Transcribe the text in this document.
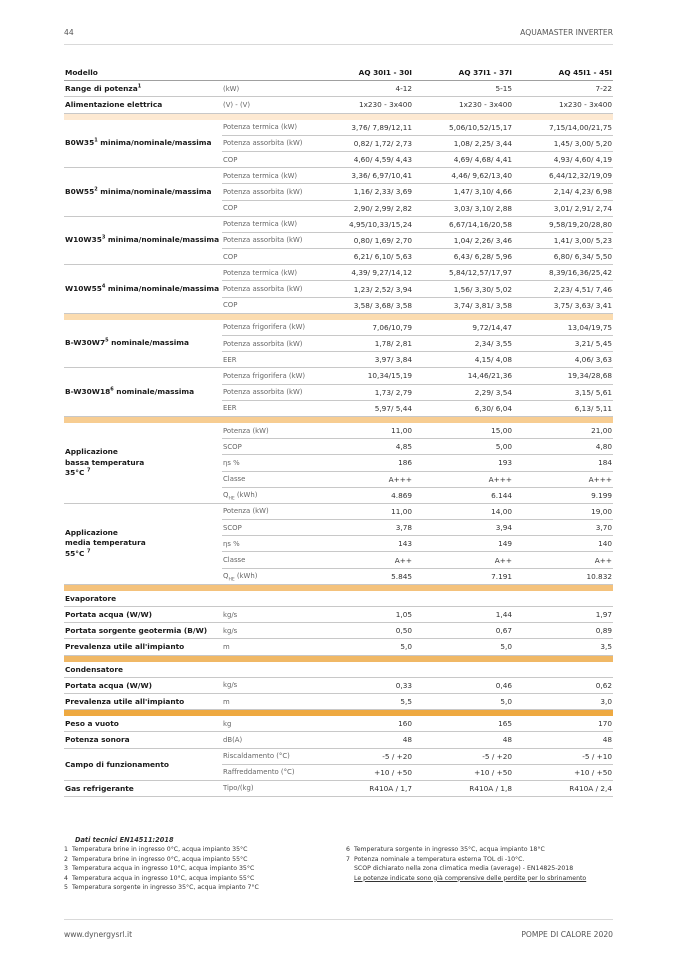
44	AQUAMASTER INVERTER
Modello		AQ 30I1 - 30I	AQ 37I1 - 37I	AQ 45I1 - 45I
Range di potenza$^1$	(kW)	4-12	5-15	7-22
Alimentazione elettrica	(V) - (V)	1x230 - 3x400	1x230 - 3x400	1x230 - 3x400

$B0W35^1$ minima/nominale/massima	Potenza termica (kW)	3,76/ 7,89/12,11	5,06/10,52/15,17	7,15/14,00/21,75
	Potenza assorbita (kW)	0,82/ 1,72/ 2,73	1,08/ 2,25/ 3,44	1,45/ 3,00/ 5,20
	COP	4,60/ 4,59/ 4,43	4,69/ 4,68/ 4,41	4,93/ 4,60/ 4,19
$B0W55^2$ minima/nominale/massima	Potenza termica (kW)	3,36/ 6,97/10,41	4,46/ 9,62/13,40	6,44/12,32/19,09
	Potenza assorbita (kW)	1,16/ 2,33/ 3,69	1,47/ 3,10/ 4,66	2,14/ 4,23/ 6,98
	COP	2,90/ 2,99/ 2,82	3,03/ 3,10/ 2,88	3,01/ 2,91/ 2,74
$W10W35^3$ minima/nominale/massima	Potenza termica (kW)	4,95/10,33/15,24	6,67/14,16/20,58	9,58/19,20/28,80
	Potenza assorbita (kW)	0,80/ 1,69/ 2,70	1,04/ 2,26/ 3,46	1,41/ 3,00/ 5,23
	COP	6,21/ 6,10/ 5,63	6,43/ 6,28/ 5,96	6,80/ 6,34/ 5,50
$W10W55^4$ minima/nominale/massima	Potenza termica (kW)	4,39/ 9,27/14,12	5,84/12,57/17,97	8,39/16,36/25,42
	Potenza assorbita (kW)	1,23/ 2,52/ 3,94	1,56/ 3,30/ 5,02	2,23/ 4,51/ 7,46
	COP	3,58/ 3,68/ 3,58	3,74/ 3,81/ 3,58	3,75/ 3,63/ 3,41

$B-W30W7^5$ nominale/massima	Potenza frigorifera (kW)	7,06/10,79	9,72/14,47	13,04/19,75
	Potenza assorbita (kW)	1,78/ 2,81	2,34/ 3,55	3,21/ 5,45
	EER	3,97/ 3,84	4,15/ 4,08	4,06/ 3,63
$B-W30W18^6$ nominale/massima	Potenza frigorifera (kW)	10,34/15,19	14,46/21,36	19,34/28,68
	Potenza assorbita (kW)	1,73/ 2,79	2,29/ 3,54	3,15/ 5,61
	EER	5,97/ 5,44	6,30/ 6,04	6,13/ 5,11

Applicazione
bassa temperatura
35°C $^7$	Potenza (kW)	11,00	15,00	21,00
	SCOP	4,85	5,00	4,80
	ηs %	186	193	184
	Classe	A+++	A+++	A+++
	$Q_{HE}$ (kWh)	4.869	6.144	9.199
Applicazione
media temperatura
55°C $^7$	Potenza (kW)	11,00	14,00	19,00
	SCOP	3,78	3,94	3,70
	ηs %	143	149	140
	Classe	A++	A++	A++
	$Q_{HE}$ (kWh)	5.845	7.191	10.832

Evaporatore				
Portata acqua (W/W)	kg/s	1,05	1,44	1,97
Portata sorgente geotermia (B/W)	kg/s	0,50	0,67	0,89
Prevalenza utile all'impianto	m	5,0	5,0	3,5

Condensatore				
Portata acqua (W/W)	kg/s	0,33	0,46	0,62
Prevalenza utile all'impianto	m	5,5	5,0	3,0

Peso a vuoto	kg	160	165	170
Potenza sonora	dB(A)	48	48	48
Campo di funzionamento	Riscaldamento (°C)	-5 / +20	-5 / +20	-5 / +10
	Raffreddamento (°C)	+10 / +50	+10 / +50	+10 / +50
Gas refrigerante	Tipo/(kg)	R410A / 1,7	R410A / 1,8	R410A / 2,4
Dati tecnici EN14511:2018
1 Temperatura brine in ingresso 0°C, acqua impianto 35°C
2 Temperatura brine in ingresso 0°C, acqua impianto 55°C
3 Temperatura acqua in ingresso 10°C, acqua impianto 35°C
4 Temperatura acqua in ingresso 10°C, acqua impianto 55°C
5 Temperatura sorgente in ingresso 35°C, acqua impianto 7°C
6 Temperatura sorgente in ingresso 35°C, acqua impianto 18°C
7 Potenza nominale a temperatura esterna TOL di -10°C.
SCOP dichiarato nella zona climatica media (average) - EN14825-2018
Le potenze indicate sono già comprensive delle perdite per lo sbrinamento
www.dynergysrl.it	POMPE DI CALORE 2020
